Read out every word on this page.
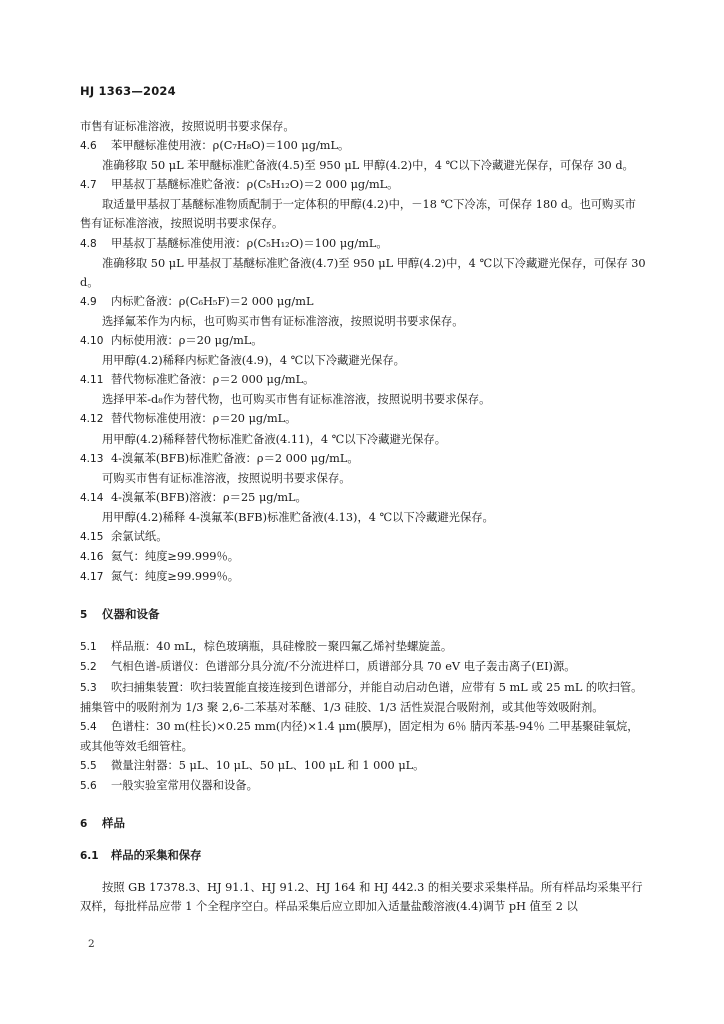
HJ 1363—2024

市售有证标准溶液，按照说明书要求保存。

4.6 苯甲醚标准使用液：ρ(C₇H₈O)＝100 μg/mL。

准确移取 50 μL 苯甲醚标准贮备液(4.5)至 950 μL 甲醇(4.2)中，4 ℃以下冷藏避光保存，可保存 30 d。

4.7 甲基叔丁基醚标准贮备液：ρ(C₅H₁₂O)＝2 000 μg/mL。

取适量甲基叔丁基醚标准物质配制于一定体积的甲醇(4.2)中，－18 ℃下冷冻，可保存 180 d。也可购买市售有证标准溶液，按照说明书要求保存。

4.8 甲基叔丁基醚标准使用液：ρ(C₅H₁₂O)＝100 μg/mL。

准确移取 50 μL 甲基叔丁基醚标准贮备液(4.7)至 950 μL 甲醇(4.2)中，4 ℃以下冷藏避光保存，可保存 30 d。

4.9 内标贮备液：ρ(C₆H₅F)＝2 000 μg/mL

选择氟苯作为内标，也可购买市售有证标准溶液，按照说明书要求保存。

4.10 内标使用液：ρ＝20 μg/mL。

用甲醇(4.2)稀释内标贮备液(4.9)，4 ℃以下冷藏避光保存。

4.11 替代物标准贮备液：ρ＝2 000 μg/mL。

选择甲苯-d₈作为替代物，也可购买市售有证标准溶液，按照说明书要求保存。

4.12 替代物标准使用液：ρ＝20 μg/mL。

用甲醇(4.2)稀释替代物标准贮备液(4.11)，4 ℃以下冷藏避光保存。

4.13 4-溴氟苯(BFB)标准贮备液：ρ＝2 000 μg/mL。

可购买市售有证标准溶液，按照说明书要求保存。

4.14 4-溴氟苯(BFB)溶液：ρ＝25 μg/mL。

用甲醇(4.2)稀释 4-溴氟苯(BFB)标准贮备液(4.13)，4 ℃以下冷藏避光保存。

4.15 余氯试纸。

4.16 氦气：纯度≥99.999％。

4.17 氮气：纯度≥99.999％。

5 仪器和设备

5.1 样品瓶：40 mL，棕色玻璃瓶，具硅橡胶－聚四氟乙烯衬垫螺旋盖。

5.2 气相色谱-质谱仪：色谱部分具分流/不分流进样口，质谱部分具 70 eV 电子轰击离子(EI)源。

5.3 吹扫捕集装置：吹扫装置能直接连接到色谱部分，并能自动启动色谱，应带有 5 mL 或 25 mL 的吹扫管。捕集管中的吸附剂为 1/3 聚 2,6-二苯基对苯醚、1/3 硅胶、1/3 活性炭混合吸附剂，或其他等效吸附剂。

5.4 色谱柱：30 m(柱长)×0.25 mm(内径)×1.4 μm(膜厚)，固定相为 6％ 腈丙苯基-94％ 二甲基聚硅氧烷，或其他等效毛细管柱。

5.5 微量注射器：5 μL、10 μL、50 μL、100 μL 和 1 000 μL。

5.6 一般实验室常用仪器和设备。

6 样品

6.1 样品的采集和保存

按照 GB 17378.3、HJ 91.1、HJ 91.2、HJ 164 和 HJ 442.3 的相关要求采集样品。所有样品均采集平行双样，每批样品应带 1 个全程序空白。样品采集后应立即加入适量盐酸溶液(4.4)调节 pH 值至 2 以

2
